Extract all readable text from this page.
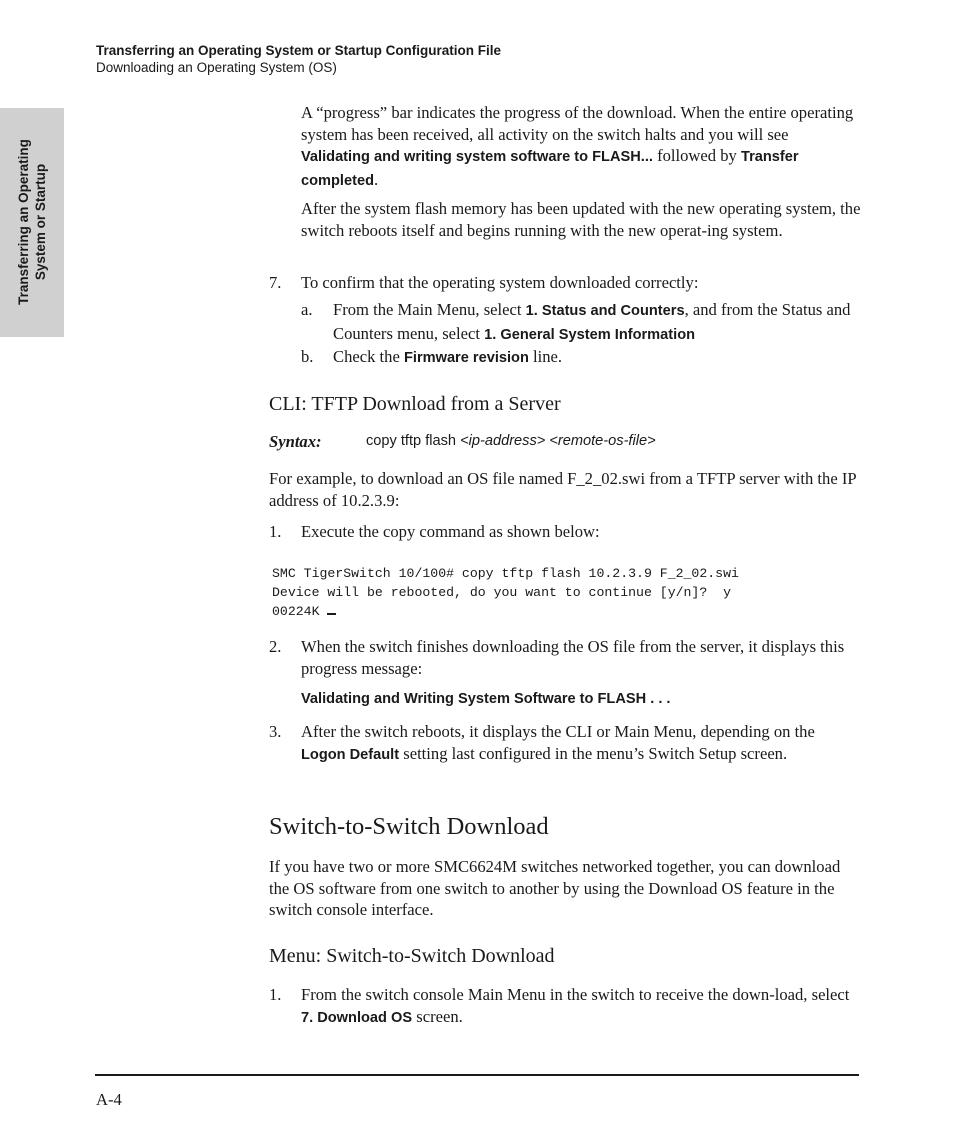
Transferring an Operating System or Startup Configuration File
Downloading an Operating System (OS)
Transferring an Operating System or Startup
A “progress” bar indicates the progress of the download. When the entire operating system has been received, all activity on the switch halts and you will see Validating and writing system software to FLASH... followed by Transfer completed.
After the system flash memory has been updated with the new operating system, the switch reboots itself and begins running with the new operat-ing system.
7. To confirm that the operating system downloaded correctly:
a. From the Main Menu, select 1. Status and Counters, and from the Status and Counters menu, select 1. General System Information
b. Check the Firmware revision line.
CLI: TFTP Download from a Server
Syntax:	copy tftp flash <ip-address> <remote-os-file>
For example, to download an OS file named F_2_02.swi from a TFTP server with the IP address of 10.2.3.9:
1. Execute the copy command as shown below:
SMC TigerSwitch 10/100# copy tftp flash 10.2.3.9 F_2_02.swi
Device will be rebooted, do you want to continue [y/n]?  y
00224K
2. When the switch finishes downloading the OS file from the server, it displays this progress message:
Validating and Writing System Software to FLASH . . .
3. After the switch reboots, it displays the CLI or Main Menu, depending on the Logon Default setting last configured in the menu’s Switch Setup screen.
Switch-to-Switch Download
If you have two or more SMC6624M switches networked together, you can download the OS software from one switch to another by using the Download OS feature in the switch console interface.
Menu: Switch-to-Switch Download
1. From the switch console Main Menu in the switch to receive the down-load, select 7. Download OS screen.
A-4
